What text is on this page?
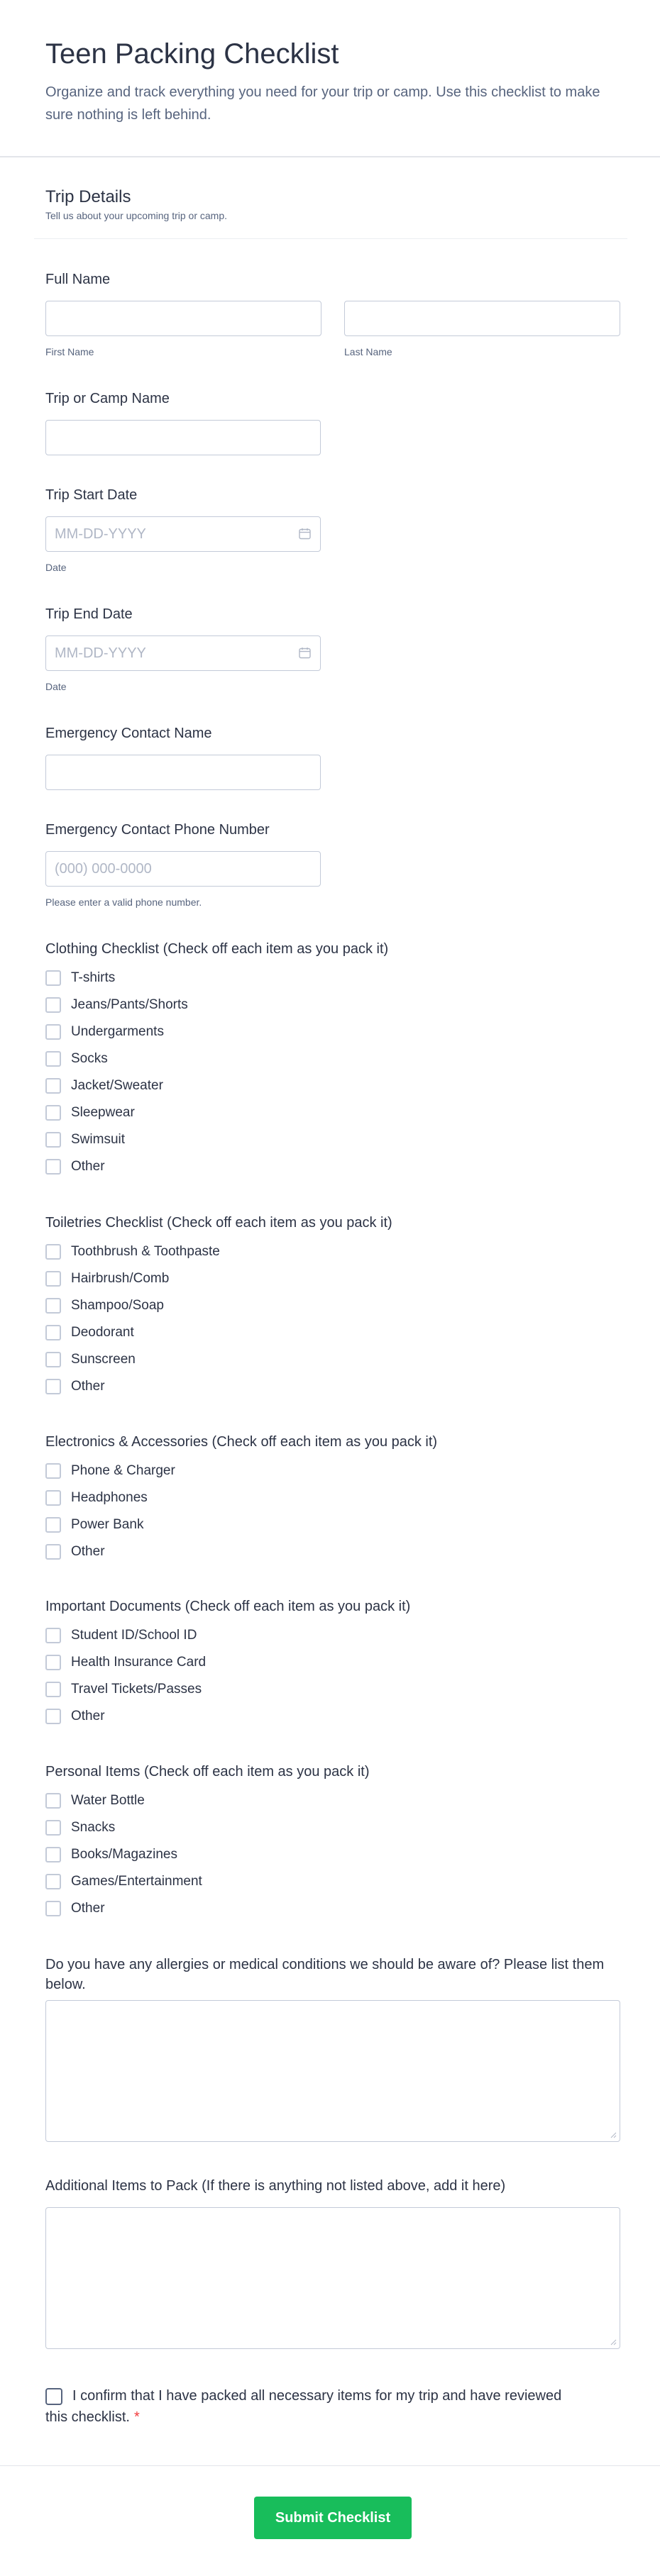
Teen Packing Checklist
Organize and track everything you need for your trip or camp. Use this checklist to make sure nothing is left behind.
Trip Details
Tell us about your upcoming trip or camp.
Full Name
First Name	Last Name
Trip or Camp Name
Trip Start Date
MM-DD-YYYY
Date
Trip End Date
MM-DD-YYYY
Date
Emergency Contact Name
Emergency Contact Phone Number
(000) 000-0000
Please enter a valid phone number.
Clothing Checklist (Check off each item as you pack it)
T-shirts
Jeans/Pants/Shorts
Undergarments
Socks
Jacket/Sweater
Sleepwear
Swimsuit
Other
Toiletries Checklist (Check off each item as you pack it)
Toothbrush & Toothpaste
Hairbrush/Comb
Shampoo/Soap
Deodorant
Sunscreen
Other
Electronics & Accessories (Check off each item as you pack it)
Phone & Charger
Headphones
Power Bank
Other
Important Documents (Check off each item as you pack it)
Student ID/School ID
Health Insurance Card
Travel Tickets/Passes
Other
Personal Items (Check off each item as you pack it)
Water Bottle
Snacks
Books/Magazines
Games/Entertainment
Other
Do you have any allergies or medical conditions we should be aware of? Please list them below.
Additional Items to Pack (If there is anything not listed above, add it here)
I confirm that I have packed all necessary items for my trip and have reviewed this checklist. *
Submit Checklist
